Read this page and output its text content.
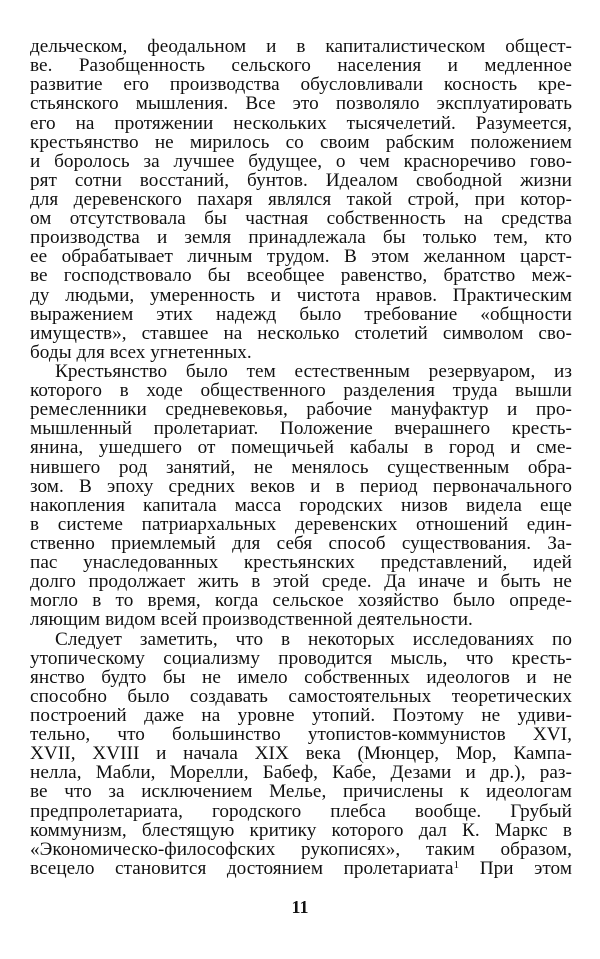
дельческом, феодальном и в капиталистическом общест-
ве. Разобщенность сельского населения и медленное
развитие его производства обусловливали косность кре-
стьянского мышления. Все это позволяло эксплуатировать
его на протяжении нескольких тысячелетий. Разумеется,
крестьянство не мирилось со своим рабским положением
и боролось за лучшее будущее, о чем красноречиво гово-
рят сотни восстаний, бунтов. Идеалом свободной жизни
для деревенского пахаря являлся такой строй, при котор-
ом отсутствовала бы частная собственность на средства
производства и земля принадлежала бы только тем, кто
ее обрабатывает личным трудом. В этом желанном царст-
ве господствовало бы всеобщее равенство, братство меж-
ду людьми, умеренность и чистота нравов. Практическим
выражением этих надежд было требование «общности
имуществ», ставшее на несколько столетий символом сво-
боды для всех угнетенных.
Крестьянство было тем естественным резервуаром, из
которого в ходе общественного разделения труда вышли
ремесленники средневековья, рабочие мануфактур и про-
мышленный пролетариат. Положение вчерашнего кресть-
янина, ушедшего от помещичьей кабалы в город и сме-
нившего род занятий, не менялось существенным обра-
зом. В эпоху средних веков и в период первоначального
накопления капитала масса городских низов видела еще
в системе патриархальных деревенских отношений един-
ственно приемлемый для себя способ существования. За-
пас унаследованных крестьянских представлений, идей
долго продолжает жить в этой среде. Да иначе и быть не
могло в то время, когда сельское хозяйство было опреде-
ляющим видом всей производственной деятельности.
Следует заметить, что в некоторых исследованиях по
утопическому социализму проводится мысль, что кресть-
янство будто бы не имело собственных идеологов и не
способно было создавать самостоятельных теоретических
построений даже на уровне утопий. Поэтому не удиви-
тельно, что большинство утопистов-коммунистов XVI,
XVII, XVIII и начала XIX века (Мюнцер, Мор, Кампа-
нелла, Мабли, Морелли, Бабеф, Кабе, Дезами и др.), раз-
ве что за исключением Мелье, причислены к идеологам
предпролетариата, городского плебса вообще. Грубый
коммунизм, блестящую критику которого дал К. Маркс в
«Экономическо-философских рукописях», таким образом,
всецело становится достоянием пролетариата$^1$ При этом
11
